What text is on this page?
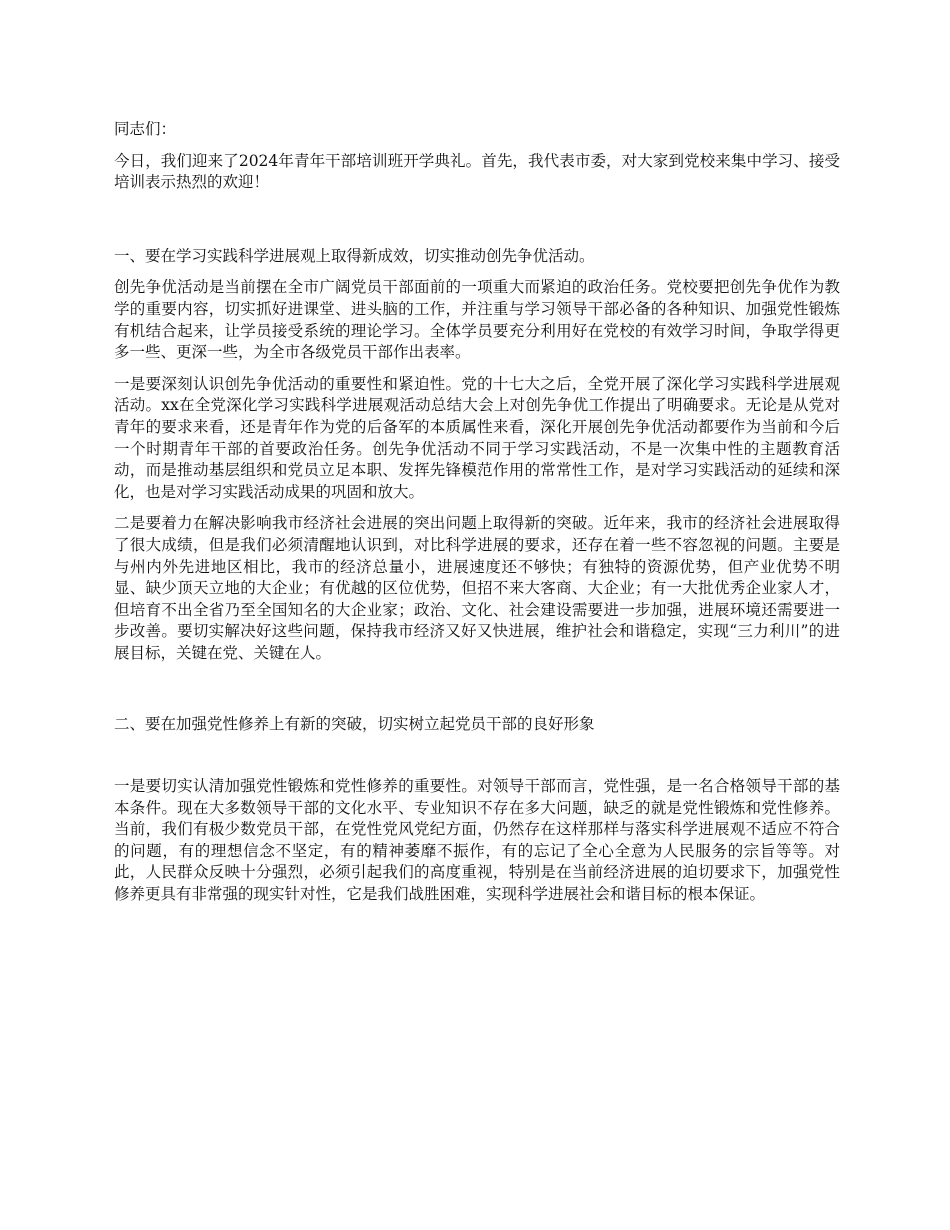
同志们：

今日，我们迎来了2024年青年干部培训班开学典礼。首先，我代表市委，对大家到党校来集中学习、接受培训表示热烈的欢迎！

一、要在学习实践科学进展观上取得新成效，切实推动创先争优活动。

创先争优活动是当前摆在全市广阔党员干部面前的一项重大而紧迫的政治任务。党校要把创先争优作为教学的重要内容，切实抓好进课堂、进头脑的工作，并注重与学习领导干部必备的各种知识、加强党性锻炼有机结合起来，让学员接受系统的理论学习。全体学员要充分利用好在党校的有效学习时间，争取学得更多一些、更深一些，为全市各级党员干部作出表率。

一是要深刻认识创先争优活动的重要性和紧迫性。党的十七大之后，全党开展了深化学习实践科学进展观活动。xx在全党深化学习实践科学进展观活动总结大会上对创先争优工作提出了明确要求。无论是从党对青年的要求来看，还是青年作为党的后备军的本质属性来看，深化开展创先争优活动都要作为当前和今后一个时期青年干部的首要政治任务。创先争优活动不同于学习实践活动，不是一次集中性的主题教育活动，而是推动基层组织和党员立足本职、发挥先锋模范作用的常常性工作，是对学习实践活动的延续和深化，也是对学习实践活动成果的巩固和放大。

二是要着力在解决影响我市经济社会进展的突出问题上取得新的突破。近年来，我市的经济社会进展取得了很大成绩，但是我们必须清醒地认识到，对比科学进展的要求，还存在着一些不容忽视的问题。主要是与州内外先进地区相比，我市的经济总量小，进展速度还不够快；有独特的资源优势，但产业优势不明显、缺少顶天立地的大企业；有优越的区位优势，但招不来大客商、大企业；有一大批优秀企业家人才，但培育不出全省乃至全国知名的大企业家；政治、文化、社会建设需要进一步加强，进展环境还需要进一步改善。要切实解决好这些问题，保持我市经济又好又快进展，维护社会和谐稳定，实现“三力利川”的进展目标，关键在党、关键在人。

二、要在加强党性修养上有新的突破，切实树立起党员干部的良好形象

一是要切实认清加强党性锻炼和党性修养的重要性。对领导干部而言，党性强，是一名合格领导干部的基本条件。现在大多数领导干部的文化水平、专业知识不存在多大问题，缺乏的就是党性锻炼和党性修养。当前，我们有极少数党员干部，在党性党风党纪方面，仍然存在这样那样与落实科学进展观不适应不符合的问题，有的理想信念不坚定，有的精神萎靡不振作，有的忘记了全心全意为人民服务的宗旨等等。对此，人民群众反映十分强烈，必须引起我们的高度重视，特别是在当前经济进展的迫切要求下，加强党性修养更具有非常强的现实针对性，它是我们战胜困难，实现科学进展社会和谐目标的根本保证。
